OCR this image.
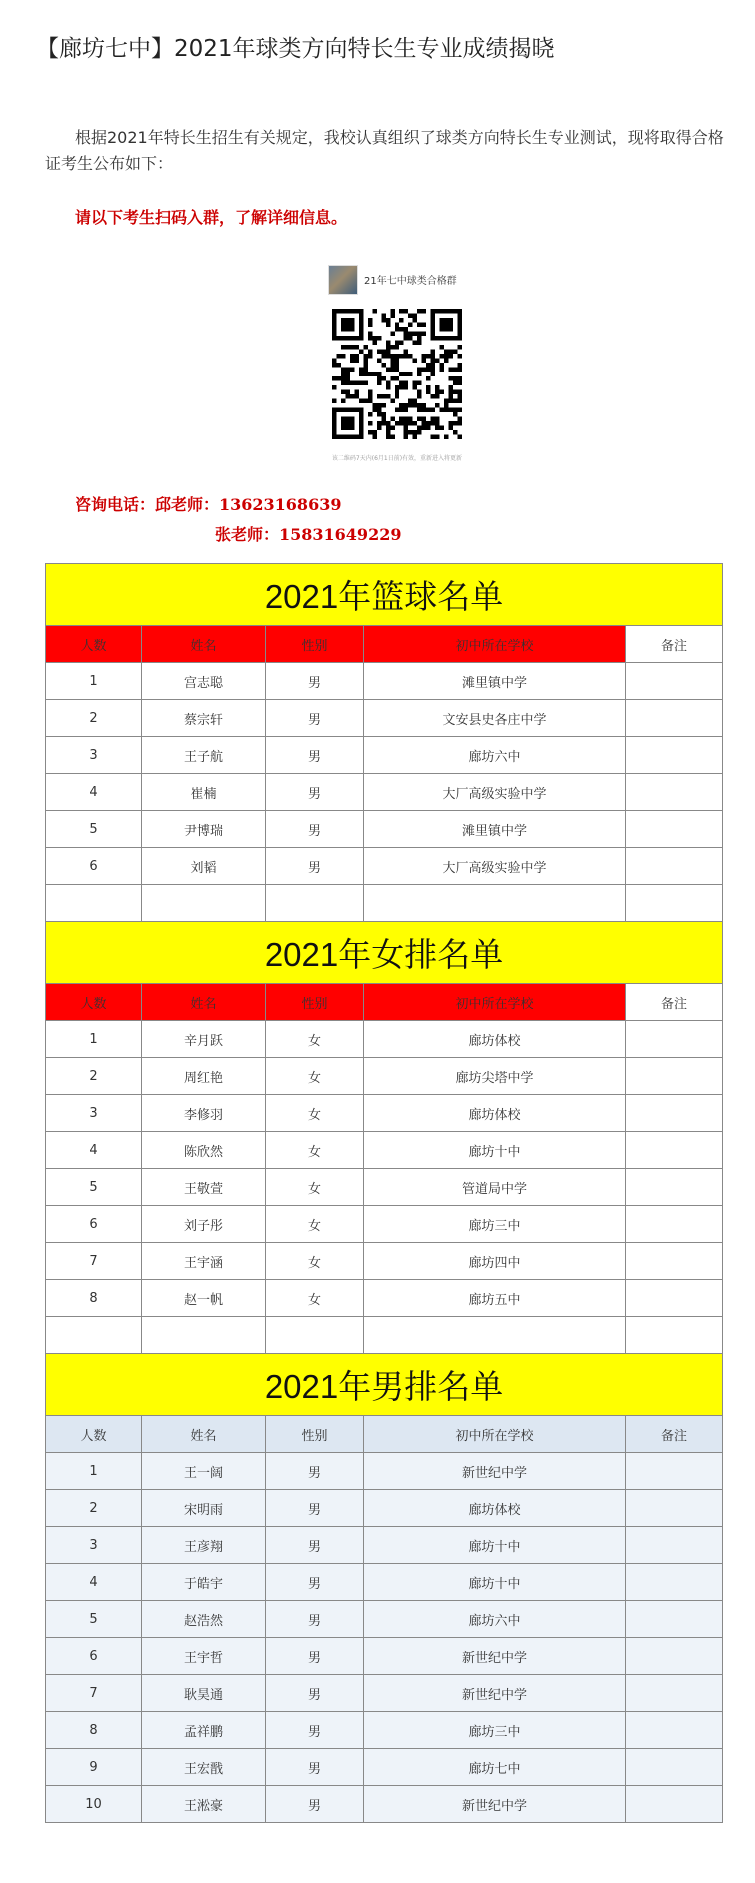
【廊坊七中】2021年球类方向特长生专业成绩揭晓
根据2021年特长生招生有关规定，我校认真组织了球类方向特长生专业测试，现将取得合格证考生公布如下：
请以下考生扫码入群，了解详细信息。
21年七中球类合格群
该二维码7天内(6月1日前)有效，重新进入将更新
咨询电话：邱老师：13623168639
张老师：15831649229
2021年篮球名单				
人数	姓名	性别	初中所在学校	备注
1	宫志聪	男	滩里镇中学	
2	蔡宗轩	男	文安县史各庄中学	
3	王子航	男	廊坊六中	
4	崔楠	男	大厂高级实验中学	
5	尹博瑞	男	滩里镇中学	
6	刘韬	男	大厂高级实验中学	

2021年女排名单				
人数	姓名	性别	初中所在学校	备注
1	辛月跃	女	廊坊体校	
2	周红艳	女	廊坊尖塔中学	
3	李修羽	女	廊坊体校	
4	陈欣然	女	廊坊十中	
5	王敬萱	女	管道局中学	
6	刘子彤	女	廊坊三中	
7	王宇涵	女	廊坊四中	
8	赵一帆	女	廊坊五中	

2021年男排名单				
人数	姓名	性别	初中所在学校	备注
1	王一阔	男	新世纪中学	
2	宋明雨	男	廊坊体校	
3	王彦翔	男	廊坊十中	
4	于皓宇	男	廊坊十中	
5	赵浩然	男	廊坊六中	
6	王宇哲	男	新世纪中学	
7	耿昊通	男	新世纪中学	
8	孟祥鹏	男	廊坊三中	
9	王宏戬	男	廊坊七中	
10	王淞豪	男	新世纪中学	
